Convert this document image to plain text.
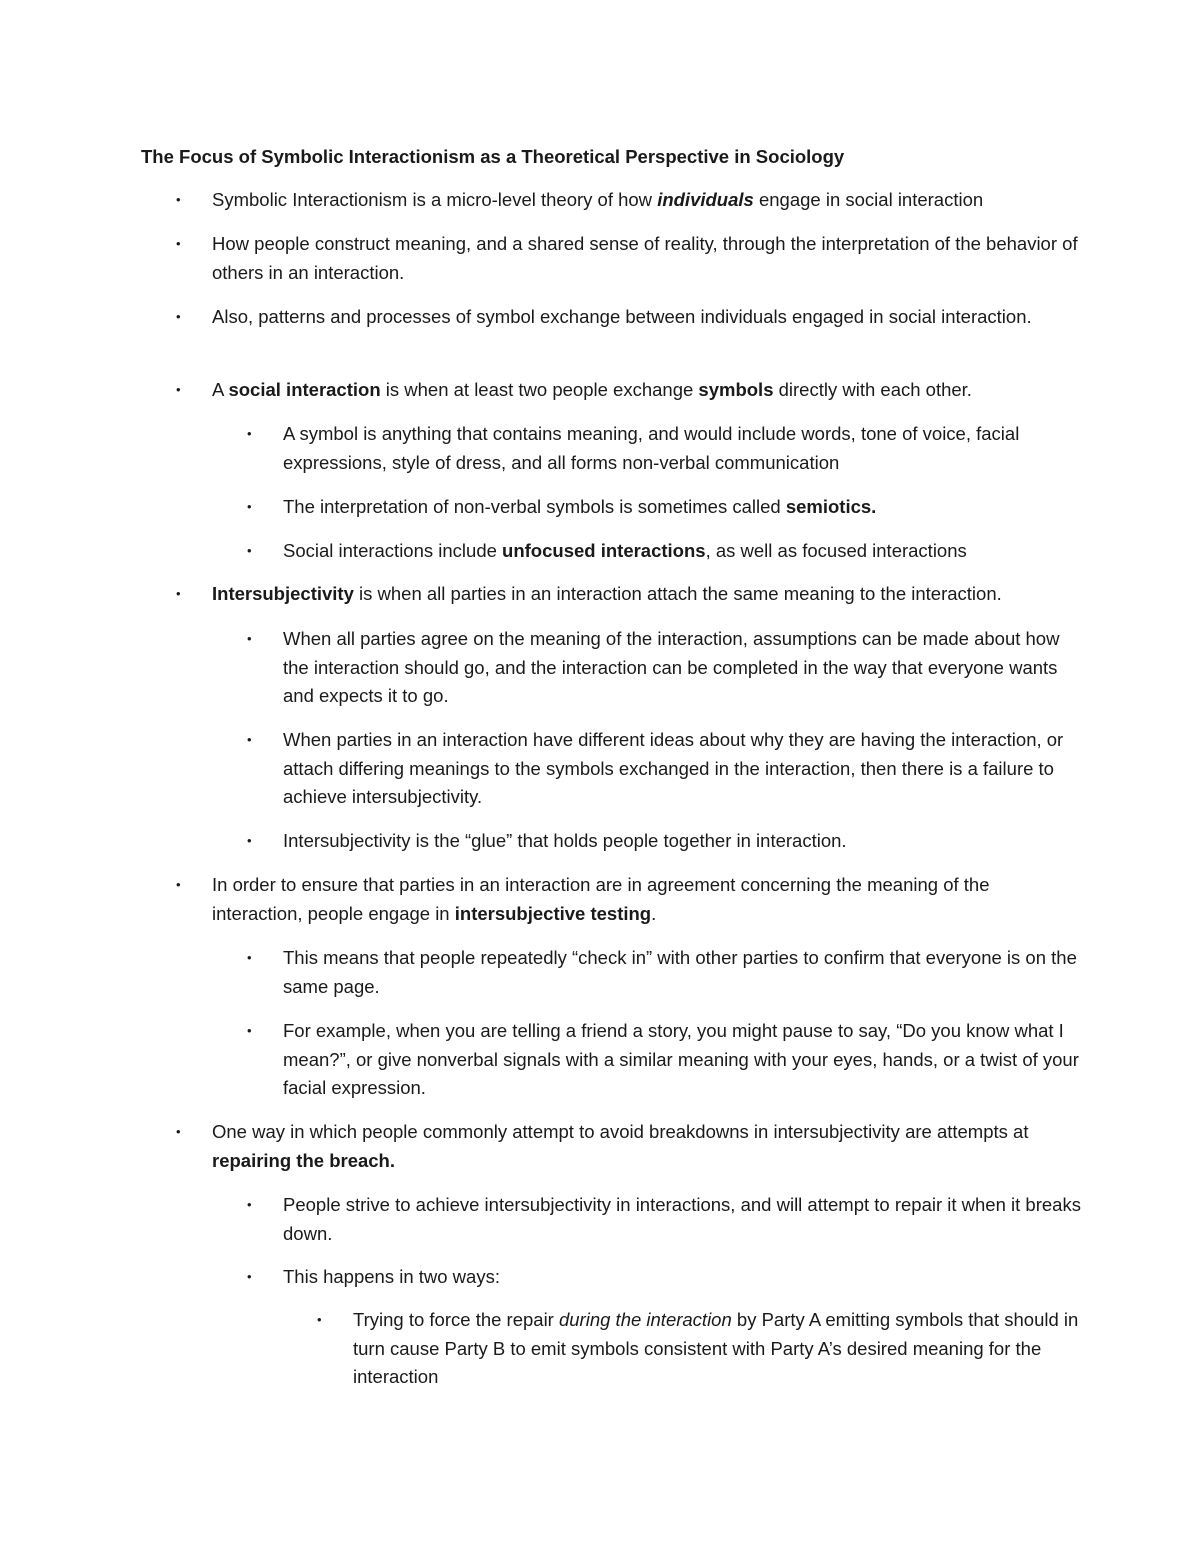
The Focus of Symbolic Interactionism as a Theoretical Perspective in Sociology
• Symbolic Interactionism is a micro-level theory of how individuals engage in social interaction

• How people construct meaning, and a shared sense of reality, through the interpretation of the behavior of others in an interaction.

• Also, patterns and processes of symbol exchange between individuals engaged in social interaction.

• A social interaction is when at least two people exchange symbols directly with each other.

• A symbol is anything that contains meaning, and would include words, tone of voice, facial expressions, style of dress, and all forms non-verbal communication

• The interpretation of non-verbal symbols is sometimes called semiotics.

• Social interactions include unfocused interactions, as well as focused interactions

• Intersubjectivity is when all parties in an interaction attach the same meaning to the interaction.

• When all parties agree on the meaning of the interaction, assumptions can be made about how the interaction should go, and the interaction can be completed in the way that everyone wants and expects it to go.

• When parties in an interaction have different ideas about why they are having the interaction, or attach differing meanings to the symbols exchanged in the interaction, then there is a failure to achieve intersubjectivity.

• Intersubjectivity is the “glue” that holds people together in interaction.

• In order to ensure that parties in an interaction are in agreement concerning the meaning of the interaction, people engage in intersubjective testing.

• This means that people repeatedly “check in” with other parties to confirm that everyone is on the same page.

• For example, when you are telling a friend a story, you might pause to say, “Do you know what I mean?”, or give nonverbal signals with a similar meaning with your eyes, hands, or a twist of your facial expression.

• One way in which people commonly attempt to avoid breakdowns in intersubjectivity are attempts at repairing the breach.

• People strive to achieve intersubjectivity in interactions, and will attempt to repair it when it breaks down.

• This happens in two ways:

• Trying to force the repair during the interaction by Party A emitting symbols that should in turn cause Party B to emit symbols consistent with Party A’s desired meaning for the interaction
